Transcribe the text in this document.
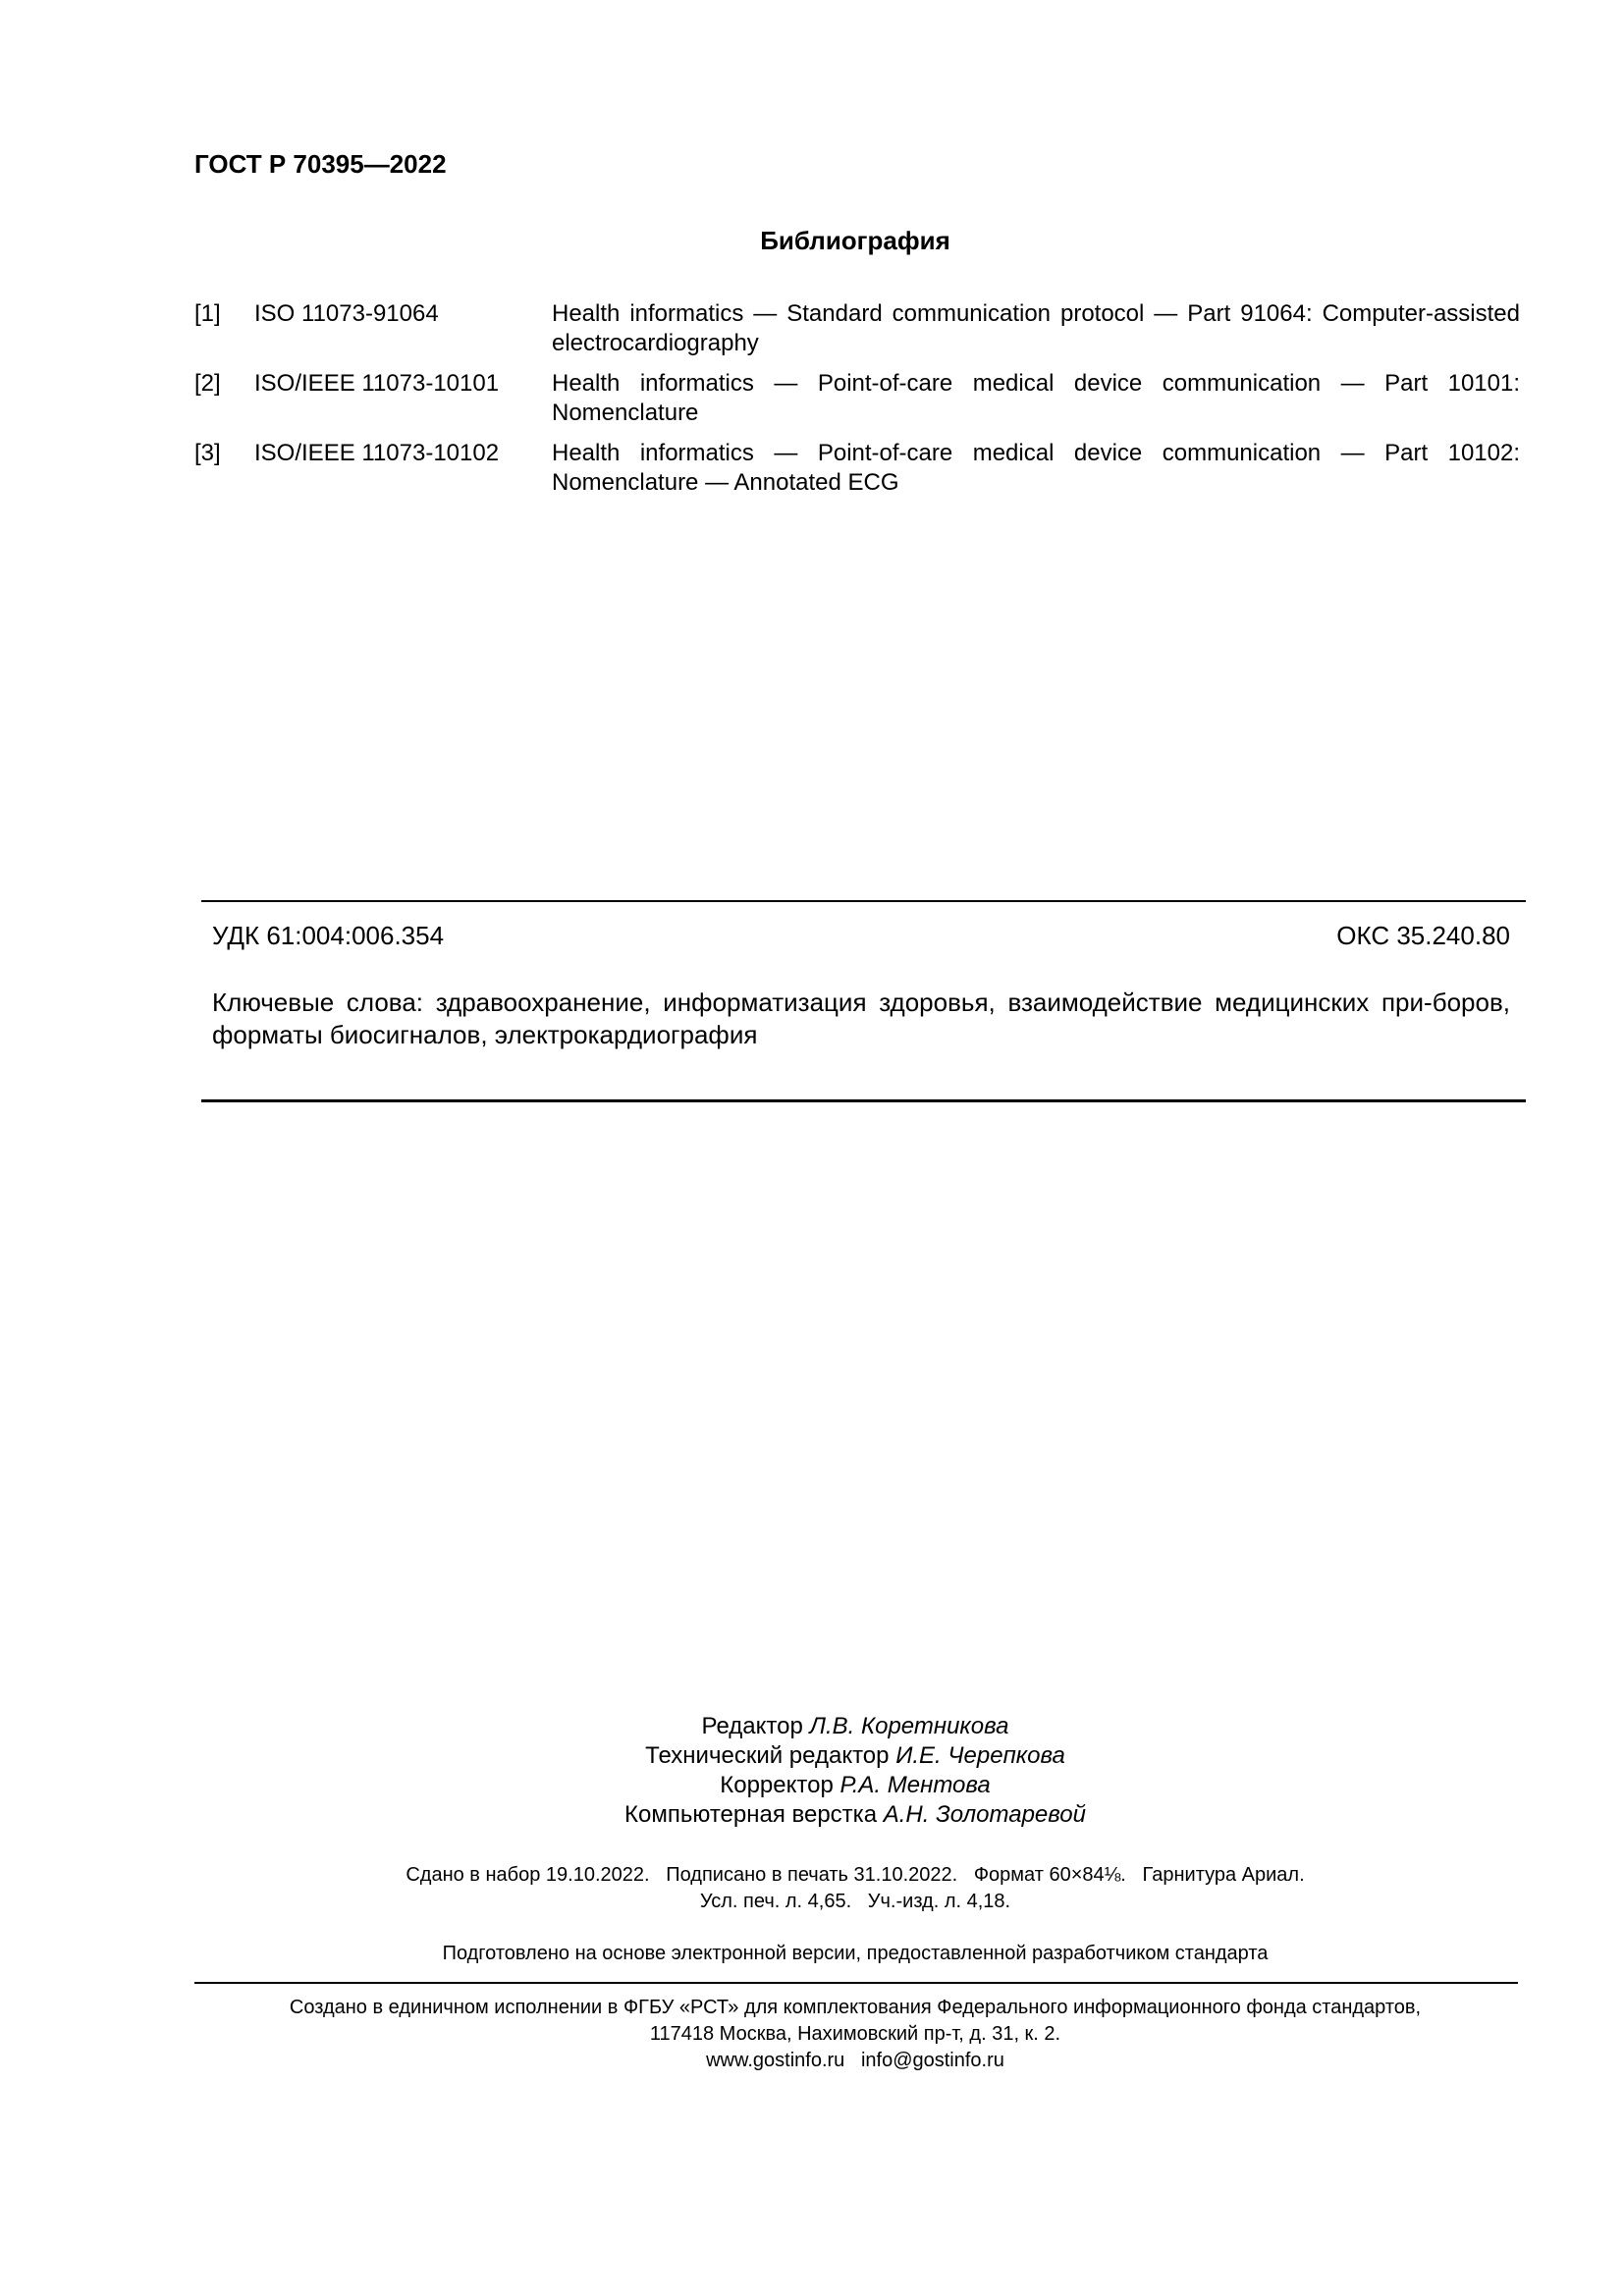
ГОСТ Р 70395—2022
Библиография
[1]	ISO 11073-91064	Health informatics — Standard communication protocol — Part 91064: Computer-assisted electrocardiography
[2]	ISO/IEEE 11073-10101	Health informatics — Point-of-care medical device communication — Part 10101: Nomenclature
[3]	ISO/IEEE 11073-10102	Health informatics — Point-of-care medical device communication — Part 10102: Nomenclature — Annotated ECG
УДК 61:004:006.354	ОКС 35.240.80
Ключевые слова: здравоохранение, информатизация здоровья, взаимодействие медицинских при-боров, форматы биосигналов, электрокардиография
Редактор Л.В. Коретникова
Технический редактор И.Е. Черепкова
Корректор Р.А. Ментова
Компьютерная верстка А.Н. Золотаревой
Сдано в набор 19.10.2022.   Подписано в печать 31.10.2022.   Формат 60×84⅛.   Гарнитура Ариал.
Усл. печ. л. 4,65.   Уч.-изд. л. 4,18.
Подготовлено на основе электронной версии, предоставленной разработчиком стандарта
Создано в единичном исполнении в ФГБУ «РСТ» для комплектования Федерального информационного фонда стандартов,
117418 Москва, Нахимовский пр-т, д. 31, к. 2.
www.gostinfo.ru   info@gostinfo.ru
